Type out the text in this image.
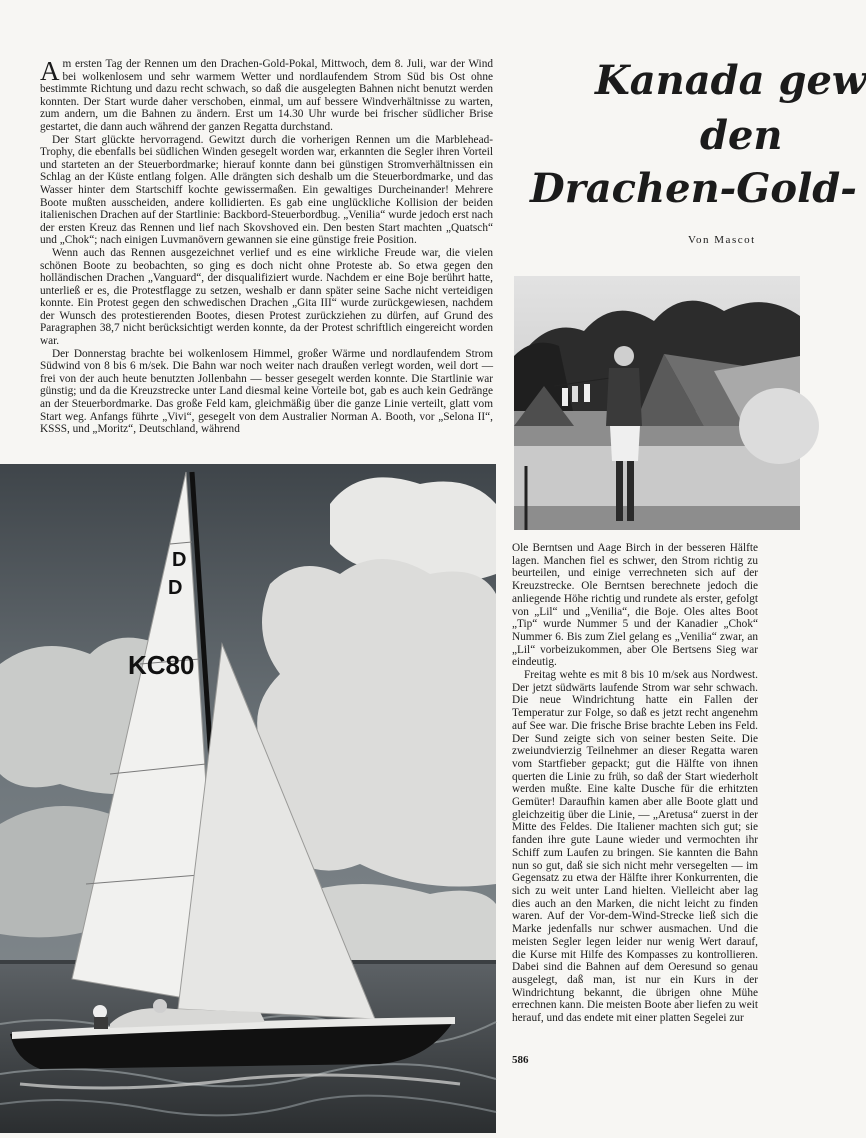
Kanada gew
den
Drachen-Gold-
Von Mascot

Am ersten Tag der Rennen um den Drachen-Gold-Pokal, Mittwoch, dem 8. Juli, war der Wind bei wolkenlosem und sehr warmem Wetter und nordlaufendem Strom Süd bis Ost ohne bestimmte Richtung und dazu recht schwach, so daß die ausgelegten Bahnen nicht benutzt werden konnten. Der Start wurde daher verschoben, einmal, um auf bessere Windverhältnisse zu warten, zum andern, um die Bahnen zu ändern. Erst um 14.30 Uhr wurde bei frischer südlicher Brise gestartet, die dann auch während der ganzen Regatta durchstand.

Der Start glückte hervorragend. Gewitzt durch die vorherigen Rennen um die Marblehead-Trophy, die ebenfalls bei südlichen Winden gesegelt worden war, erkannten die Segler ihren Vorteil und starteten an der Steuerbordmarke; hierauf konnte dann bei günstigen Stromverhältnissen ein Schlag an der Küste entlang folgen. Alle drängten sich deshalb um die Steuerbordmarke, und das Wasser hinter dem Startschiff kochte gewissermaßen. Ein gewaltiges Durcheinander! Mehrere Boote mußten ausscheiden, andere kollidierten. Es gab eine unglückliche Kollision der beiden italienischen Drachen auf der Startlinie: Backbord-Steuerbordbug. „Venilia“ wurde jedoch erst nach der ersten Kreuz das Rennen und lief nach Skovshoved ein. Den besten Start machten „Quatsch“ und „Chok“; nach einigen Luvmanövern gewannen sie eine günstige freie Position.

Wenn auch das Rennen ausgezeichnet verlief und es eine wirkliche Freude war, die vielen schönen Boote zu beobachten, so ging es doch nicht ohne Proteste ab. So etwa gegen den holländischen Drachen „Vanguard“, der disqualifiziert wurde. Nachdem er eine Boje berührt hatte, unterließ er es, die Protestflagge zu setzen, weshalb er dann später seine Sache nicht verteidigen konnte. Ein Protest gegen den schwedischen Drachen „Gita III“ wurde zurückgewiesen, nachdem der Wunsch des protestierenden Bootes, diesen Protest zurückziehen zu dürfen, auf Grund des Paragraphen 38,7 nicht berücksichtigt werden konnte, da der Protest schriftlich eingereicht worden war.

Der Donnerstag brachte bei wolkenlosem Himmel, großer Wärme und nordlaufendem Strom Südwind von 8 bis 6 m/sek. Die Bahn war noch weiter nach draußen verlegt worden, weil dort — frei von der auch heute benutzten Jollenbahn — besser gesegelt werden konnte. Die Startlinie war günstig; und da die Kreuzstrecke unter Land diesmal keine Vorteile bot, gab es auch kein Gedränge an der Steuerbordmarke. Das große Feld kam, gleichmäßig über die ganze Linie verteilt, glatt vom Start weg. Anfangs führte „Vivi“, gesegelt von dem Australier Norman A. Booth, vor „Selona II“, KSSS, und „Moritz“, Deutschland, während

D
D
KC80

Ole Berntsen und Aage Birch in der besseren Hälfte lagen. Manchen fiel es schwer, den Strom richtig zu beurteilen, und einige verrechneten sich auf der Kreuzstrecke. Ole Berntsen berechnete jedoch die anliegende Höhe richtig und rundete als erster, gefolgt von „Lil“ und „Venilia“, die Boje. Oles altes Boot „Tip“ wurde Nummer 5 und der Kanadier „Chok“ Nummer 6. Bis zum Ziel gelang es „Venilia“ zwar, an „Lil“ vorbeizukommen, aber Ole Bertsens Sieg war eindeutig.

Freitag wehte es mit 8 bis 10 m/sek aus Nordwest. Der jetzt südwärts laufende Strom war sehr schwach. Die neue Windrichtung hatte ein Fallen der Temperatur zur Folge, so daß es jetzt recht angenehm auf See war. Die frische Brise brachte Leben ins Feld. Der Sund zeigte sich von seiner besten Seite. Die zweiundvierzig Teilnehmer an dieser Regatta waren vom Startfieber gepackt; gut die Hälfte von ihnen querten die Linie zu früh, so daß der Start wiederholt werden mußte. Eine kalte Dusche für die erhitzten Gemüter! Daraufhin kamen aber alle Boote glatt und gleichzeitig über die Linie, — „Aretusa“ zuerst in der Mitte des Feldes. Die Italiener machten sich gut; sie fanden ihre gute Laune wieder und vermochten ihr Schiff zum Laufen zu bringen. Sie kannten die Bahn nun so gut, daß sie sich nicht mehr versegelten — im Gegensatz zu etwa der Hälfte ihrer Konkurrenten, die sich zu weit unter Land hielten. Vielleicht aber lag dies auch an den Marken, die nicht leicht zu finden waren. Auf der Vor-dem-Wind-Strecke ließ sich die Marke jedenfalls nur schwer ausmachen. Und die meisten Segler legen leider nur wenig Wert darauf, die Kurse mit Hilfe des Kompasses zu kontrollieren. Dabei sind die Bahnen auf dem Oeresund so genau ausgelegt, daß man, ist nur ein Kurs in der Windrichtung bekannt, die übrigen ohne Mühe errechnen kann. Die meisten Boote aber liefen zu weit herauf, und das endete mit einer platten Segelei zur

586
